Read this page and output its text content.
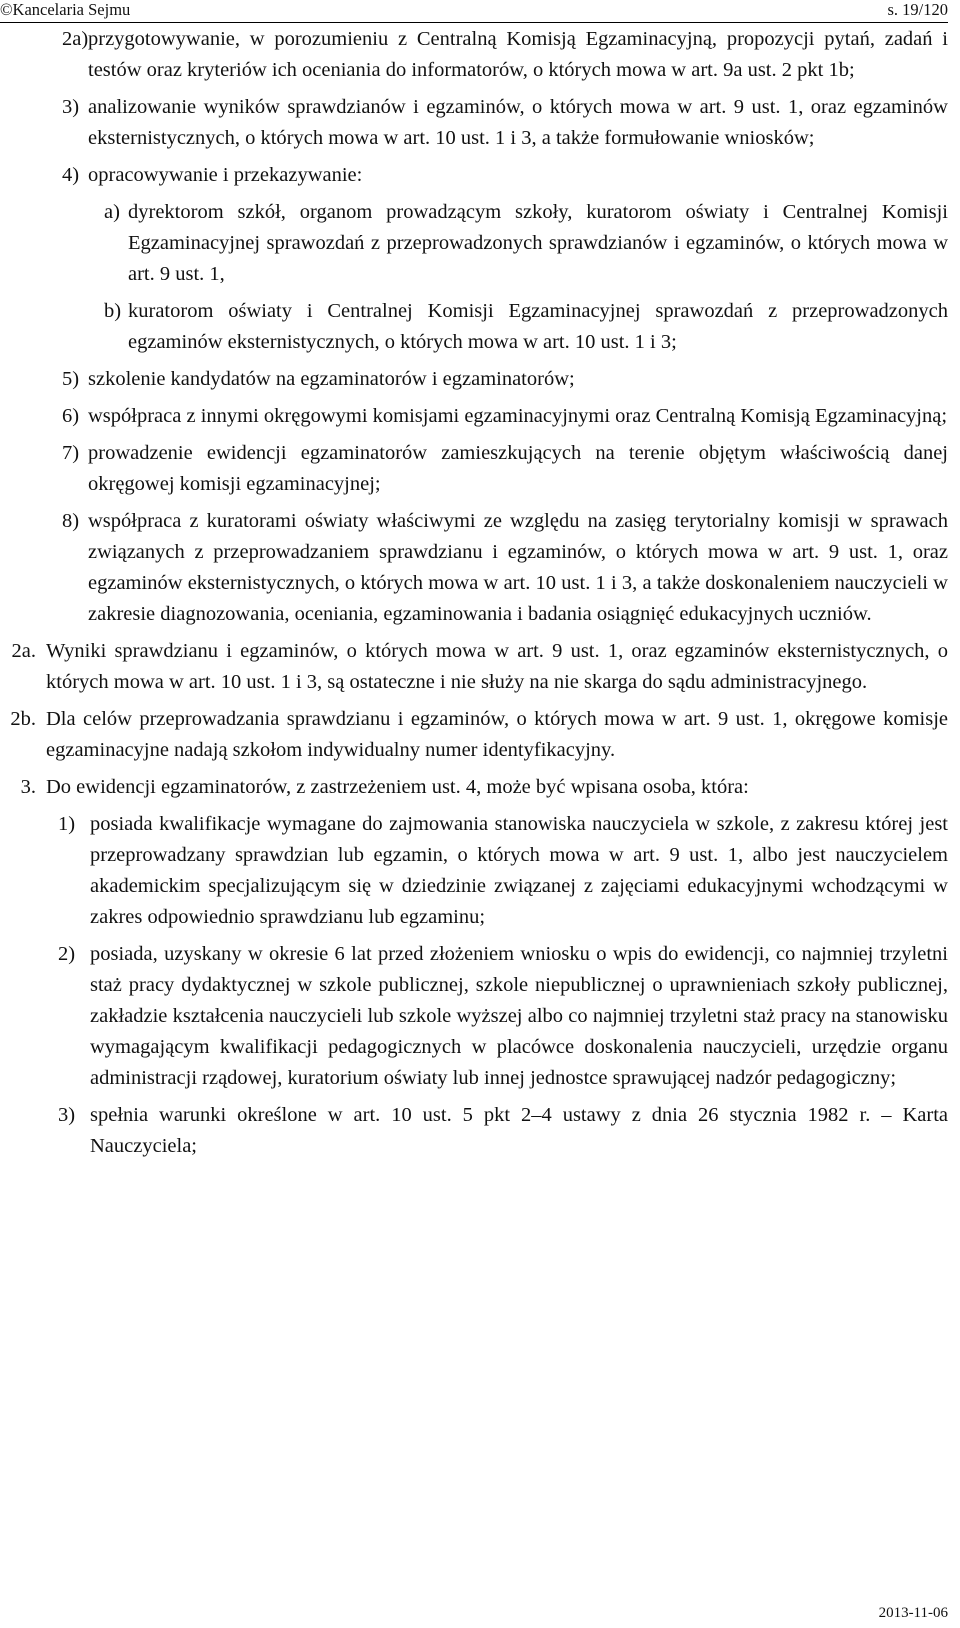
©Kancelaria Sejmu	s. 19/120
2a) przygotowywanie, w porozumieniu z Centralną Komisją Egzaminacyjną, propozycji pytań, zadań i testów oraz kryteriów ich oceniania do informatorów, o których mowa w art. 9a ust. 2 pkt 1b;
3) analizowanie wyników sprawdzianów i egzaminów, o których mowa w art. 9 ust. 1, oraz egzaminów eksternistycznych, o których mowa w art. 10 ust. 1 i 3, a także formułowanie wniosków;
4) opracowywanie i przekazywanie:
a) dyrektorom szkół, organom prowadzącym szkoły, kuratorom oświaty i Centralnej Komisji Egzaminacyjnej sprawozdań z przeprowadzonych sprawdzianów i egzaminów, o których mowa w art. 9 ust. 1,
b) kuratorom oświaty i Centralnej Komisji Egzaminacyjnej sprawozdań z przeprowadzonych egzaminów eksternistycznych, o których mowa w art. 10 ust. 1 i 3;
5) szkolenie kandydatów na egzaminatorów i egzaminatorów;
6) współpraca z innymi okręgowymi komisjami egzaminacyjnymi oraz Centralną Komisją Egzaminacyjną;
7) prowadzenie ewidencji egzaminatorów zamieszkujących na terenie objętym właściwością danej okręgowej komisji egzaminacyjnej;
8) współpraca z kuratorami oświaty właściwymi ze względu na zasięg terytorialny komisji w sprawach związanych z przeprowadzaniem sprawdzianu i egzaminów, o których mowa w art. 9 ust. 1, oraz egzaminów eksternistycznych, o których mowa w art. 10 ust. 1 i 3, a także doskonaleniem nauczycieli w zakresie diagnozowania, oceniania, egzaminowania i badania osiągnięć edukacyjnych uczniów.
2a. Wyniki sprawdzianu i egzaminów, o których mowa w art. 9 ust. 1, oraz egzaminów eksternistycznych, o których mowa w art. 10 ust. 1 i 3, są ostateczne i nie służy na nie skarga do sądu administracyjnego.
2b. Dla celów przeprowadzania sprawdzianu i egzaminów, o których mowa w art. 9 ust. 1, okręgowe komisje egzaminacyjne nadają szkołom indywidualny numer identyfikacyjny.
3. Do ewidencji egzaminatorów, z zastrzeżeniem ust. 4, może być wpisana osoba, która:
1) posiada kwalifikacje wymagane do zajmowania stanowiska nauczyciela w szkole, z zakresu której jest przeprowadzany sprawdzian lub egzamin, o których mowa w art. 9 ust. 1, albo jest nauczycielem akademickim specjalizującym się w dziedzinie związanej z zajęciami edukacyjnymi wchodzącymi w zakres odpowiednio sprawdzianu lub egzaminu;
2) posiada, uzyskany w okresie 6 lat przed złożeniem wniosku o wpis do ewidencji, co najmniej trzyletni staż pracy dydaktycznej w szkole publicznej, szkole niepublicznej o uprawnieniach szkoły publicznej, zakładzie kształcenia nauczycieli lub szkole wyższej albo co najmniej trzyletni staż pracy na stanowisku wymagającym kwalifikacji pedagogicznych w placówce doskonalenia nauczycieli, urzędzie organu administracji rządowej, kuratorium oświaty lub innej jednostce sprawującej nadzór pedagogiczny;
3) spełnia warunki określone w art. 10 ust. 5 pkt 2–4 ustawy z dnia 26 stycznia 1982 r. – Karta Nauczyciela;
2013-11-06
